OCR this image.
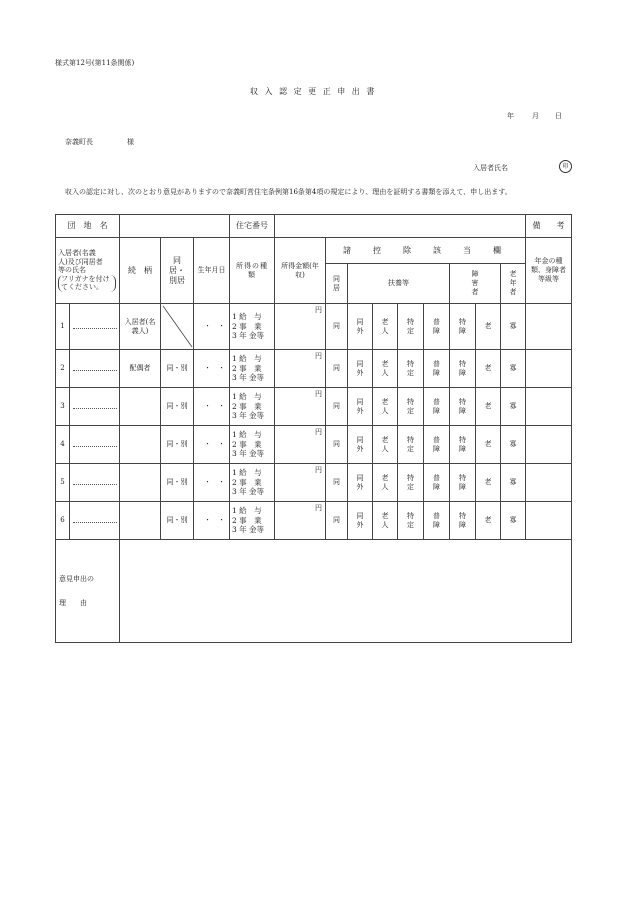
様式第12号(第11条関係)
収 入 認 定 更 正 申 出 書
年	月 日
奈義町長	様
入居者氏名	印
収入の認定に対し、次のとおり意見がありますので奈義町営住宅条例第16条第4項の規定により、理由を証明する書類を添えて、申し出ます。
団　地　名					住宅番号										備　　考	

入居者(名義
人)及び同居者
等の氏名
フリガナを付けてください。		続　柄	同居・別居	生年月日	所得の種類	所得金額(年収)	諸　控　除　該　当　欄								年金の種類、身障者等級等	
							同居	扶養等				障害者		老年者	
1		入居者(名義人)		・　・	1 給　与
2 事　業
3 年 金等	円	同	同外	老人	特定	普障	特障	老	寡		
2		配偶者	同・別	・　・	1 給　与
2 事　業
3 年 金等	円	同	同外	老人	特定	普障	特障	老	寡		
3			同・別	・　・	1 給　与
2 事　業
3 年 金等	円	同	同外	老人	特定	普障	特障	老	寡		
4			同・別	・　・	1 給　与
2 事　業
3 年 金等	円	同	同外	老人	特定	普障	特障	老	寡		
5			同・別	・　・	1 給　与
2 事　業
3 年 金等	円	同	同外	老人	特定	普障	特障	老	寡		
6			同・別	・　・	1 給　与
2 事　業
3 年 金等	円	同	同外	老人	特定	普障	特障	老	寡		

意見申出の
理　　由																
